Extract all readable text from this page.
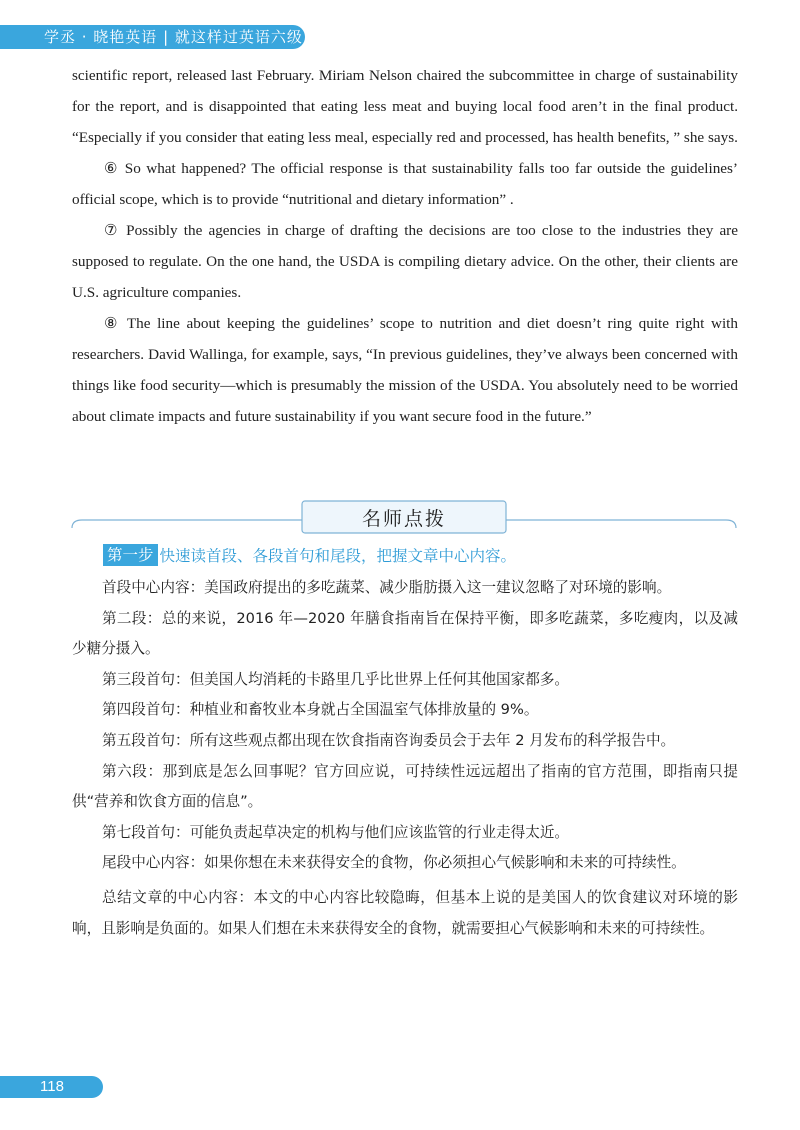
学丞 · 晓艳英语 | 就这样过英语六级

scientific report, released last February. Miriam Nelson chaired the subcommittee in charge of sustainability for the report, and is disappointed that eating less meat and buying local food aren’t in the final product. “Especially if you consider that eating less meal, especially red and processed, has health benefits, ” she says.

⑥ So what happened? The official response is that sustainability falls too far outside the guidelines’ official scope, which is to provide “nutritional and dietary information” .

⑦ Possibly the agencies in charge of drafting the decisions are too close to the industries they are supposed to regulate. On the one hand, the USDA is compiling dietary advice. On the other, their clients are U.S. agriculture companies.

⑧ The line about keeping the guidelines’ scope to nutrition and diet doesn’t ring quite right with researchers. David Wallinga, for example, says, “In previous guidelines, they’ve always been concerned with things like food security—which is presumably the mission of the USDA. You absolutely need to be worried about climate impacts and future sustainability if you want secure food in the future.”

名师点拨
第一步 快速读首段、各段首句和尾段，把握文章中心内容。

首段中心内容：美国政府提出的多吃蔬菜、减少脂肪摄入这一建议忽略了对环境的影响。

第二段：总的来说，2016 年—2020 年膳食指南旨在保持平衡，即多吃蔬菜，多吃瘦肉，以及减少糖分摄入。

第三段首句：但美国人均消耗的卡路里几乎比世界上任何其他国家都多。

第四段首句：种植业和畜牧业本身就占全国温室气体排放量的 9%。

第五段首句：所有这些观点都出现在饮食指南咨询委员会于去年 2 月发布的科学报告中。

第六段：那到底是怎么回事呢？官方回应说，可持续性远远超出了指南的官方范围，即指南只提供“营养和饮食方面的信息”。

第七段首句：可能负责起草决定的机构与他们应该监管的行业走得太近。

尾段中心内容：如果你想在未来获得安全的食物，你必须担心气候影响和未来的可持续性。

总结文章的中心内容：本文的中心内容比较隐晦，但基本上说的是美国人的饮食建议对环境的影响，且影响是负面的。如果人们想在未来获得安全的食物，就需要担心气候影响和未来的可持续性。

118
